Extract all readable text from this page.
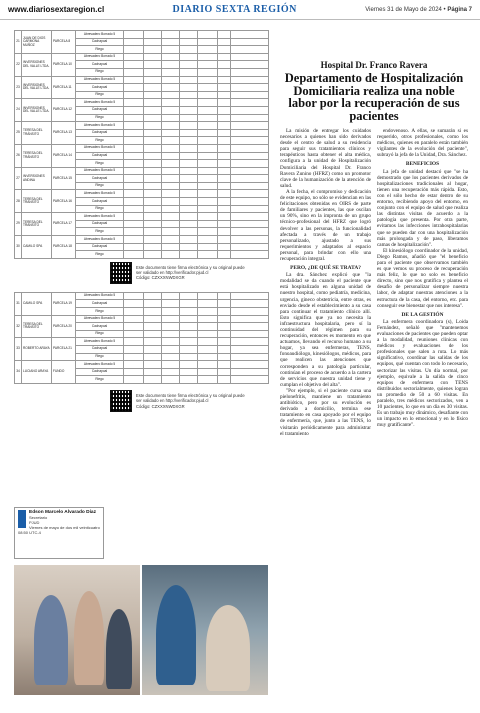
www.diariosextaregion.cl	DIARIO SEXTA REGIÓN	Viernes 31 de Mayo de 2024 • Página 7
21	JUAN DE DIOS CARMONA MUÑOZ	PARCELA 8	Abrevadero Borrado 5							
			Cachapoal							
			Riego							
22	INVERSIONES DEL VALLE LTDA.	PARCELA 10	Abrevadero Borrado 5							
			Cachapoal							
			Riego							
23	INVERSIONES DEL VALLE LTDA.	PARCELA 11	Abrevadero Borrado 5							
			Cachapoal							
			Riego							
24	INVERSIONES DEL VALLE LTDA.	PARCELA 12	Abrevadero Borrado 5							
			Cachapoal							
			Riego							
25	TERESA DEL TRÁNSITO	PARCELA 13	Abrevadero Borrado 5							
			Cachapoal							
			Riego							
26	TERESA DEL TRÁNSITO	PARCELA 14	Abrevadero Borrado 5							
			Cachapoal							
			Riego							
27	INVERSIONES ANDINA	PARCELA 15	Abrevadero Borrado 5							
			Cachapoal							
			Riego							
28	TERESA DEL TRÁNSITO	PARCELA 16	Abrevadero Borrado 5							
			Cachapoal							
			Riego							
29	TERESA DEL TRÁNSITO	PARCELA 17	Abrevadero Borrado 5							
			Cachapoal							
			Riego							
30	CAMILO SPA	PARCELA 18	Abrevadero Borrado 5							
			Cachapoal							
			Riego							
Este documento tiene firma electrónica y su original puede ser validado en http://verificador.pjud.cl
Código: CZXXXNWDXGR
31	CAMILO SPA	PARCELA 19	Abrevadero Borrado 5							
			Cachapoal							
			Riego							
32	TERESA DEL TRÁNSITO	PARCELA 20	Abrevadero Borrado 5							
			Cachapoal							
			Riego							
33	ROBERTO ARAYA	PARCELA 21	Abrevadero Borrado 5							
			Cachapoal							
			Riego							
34	LUCIANO ARAYA	FUNDO	Abrevadero Borrado 5							
			Cachapoal							
			Riego							
Este documento tiene firma electrónica y su original puede ser validado en http://verificador.pjud.cl
Código: CZXXXNWDXGR
Edson Marcelo Alvarado Díaz
Secretario
PJUD
Viernes de mayo de dos mil veinticuatro
08:50 UTC-4
Hospital Dr. Franco Ravera
Departamento de Hospitalización Domiciliaria realiza una noble labor por la recuperación de sus pacientes

La misión de entregar los cuidados necesarios a quienes han sido derivados desde el centro de salud a su residencia para seguir sus tratamientos clínicos y terapéuticos hasta obtener el alta médica, configura a la unidad de Hospitalización Domiciliaria del Hospital Dr. Franco Ravera Zunino (HFRZ) como un promotor clave de la humanización de la atención de salud.

A la fecha, el compromiso y dedicación de este equipo, no sólo se evidencian en las felicitaciones obtenidas en OIRS de parte de familiares y pacientes, las que oscilan un 90%, sino en la impronta de un grupo técnico-profesional del HFRZ que logró devolver a las personas, la funcionalidad afectada a través de un trabajo personalizado, ajustado a sus requerimientos y adaptados al espacio personal, para brindar con ello una recuperación integral.

PERO, ¿DE QUÉ SE TRATA?

La dra. Sánchez explicó que "la modalidad se da cuando el paciente que está hospitalizado en alguna unidad de nuestro hospital, como pediatría, medicina, urgencia, gineco obstetricia, entre otras, es enviado desde el establecimiento a su casa para continuar el tratamiento clínico allí. Esto significa que ya no necesita la infraestructura hospitalaria, pero sí la continuidad del régimen para su recuperación, entonces es momento en que actuamos, llevando el recurso humano a su hogar, ya sea enfermeras, TENS, fonoaudiólogo, kinesiólogos, médicos, para que realicen las atenciones que corresponden a su patología particular, continúan el proceso de acuerdo a la cartera de servicios que nuestra unidad tiene y cumplan el objetivo del alta".

"Por ejemplo, si el paciente cursa una pielonefritis, mantiene un tratamiento antibiótico, pero por su evolución es derivado a domicilio, termina ese tratamiento en casa apoyado por el equipo de enfermería, que, junto a las TENS, lo visitarán periódicamente para administrar el tratamiento

endovenoso. A ellas, se sumarán si es requerido, otros profesionales, como los médicos, quienes en paralelo están también vigilantes de la evolución del paciente", subrayó la jefa de la Unidad, Dra. Sánchez.

BENEFICIOS

La jefa de unidad destacó que "se ha demostrado que los pacientes derivados de hospitalizaciones tradicionales al hogar, tienen una recuperación más rápida. Esto, con el sólo hecho de estar dentro de su entorno, recibiendo apoyo del entorno, en conjunto con el equipo de salud que realiza las distintas visitas de acuerdo a la patología que presenta. Por otra parte, evitamos las infecciones intrahospitalarias que se pueden dar con una hospitalización más prolongada y de paso, liberamos camas de hospitalización".

El kinesiólogo coordinador de la unidad, Diego Ramos, añadió que "el beneficio para el paciente que observamos también es que vemos su proceso de recuperación más feliz, lo que no solo es beneficio directo, sino que nos gratifica y plantea el desafío de personalizar siempre nuestra labor, de adaptar nuestras atenciones a la estructura de la casa, del entorno, etc. para conseguir ese bienestar que nos interesa".

DE LA GESTIÓN

La enfermera coordinadora (s), Loida Fernández, señaló que "mantenemos evaluaciones de pacientes que pueden optar a la modalidad, reuniones clínicas con médicos y evaluaciones de los profesionales que salen a ruta. Lo más significativo, coordinar las salidas de los equipos, qué cuentan con todo lo necesario, sectorizar las visitas. Un día normal, por ejemplo, equivale a la salida de cinco equipos de enfermera con TENS distribuidos sectorialmente, quienes logran un promedio de 50 a 60 visitas. En paralelo, tres médicos sectorizados, ven a 10 pacientes, lo que en un día es 30 visitas. Es un trabajo muy dinámico, desafiante con un impacto en lo emocional y en lo físico muy gratificante".
